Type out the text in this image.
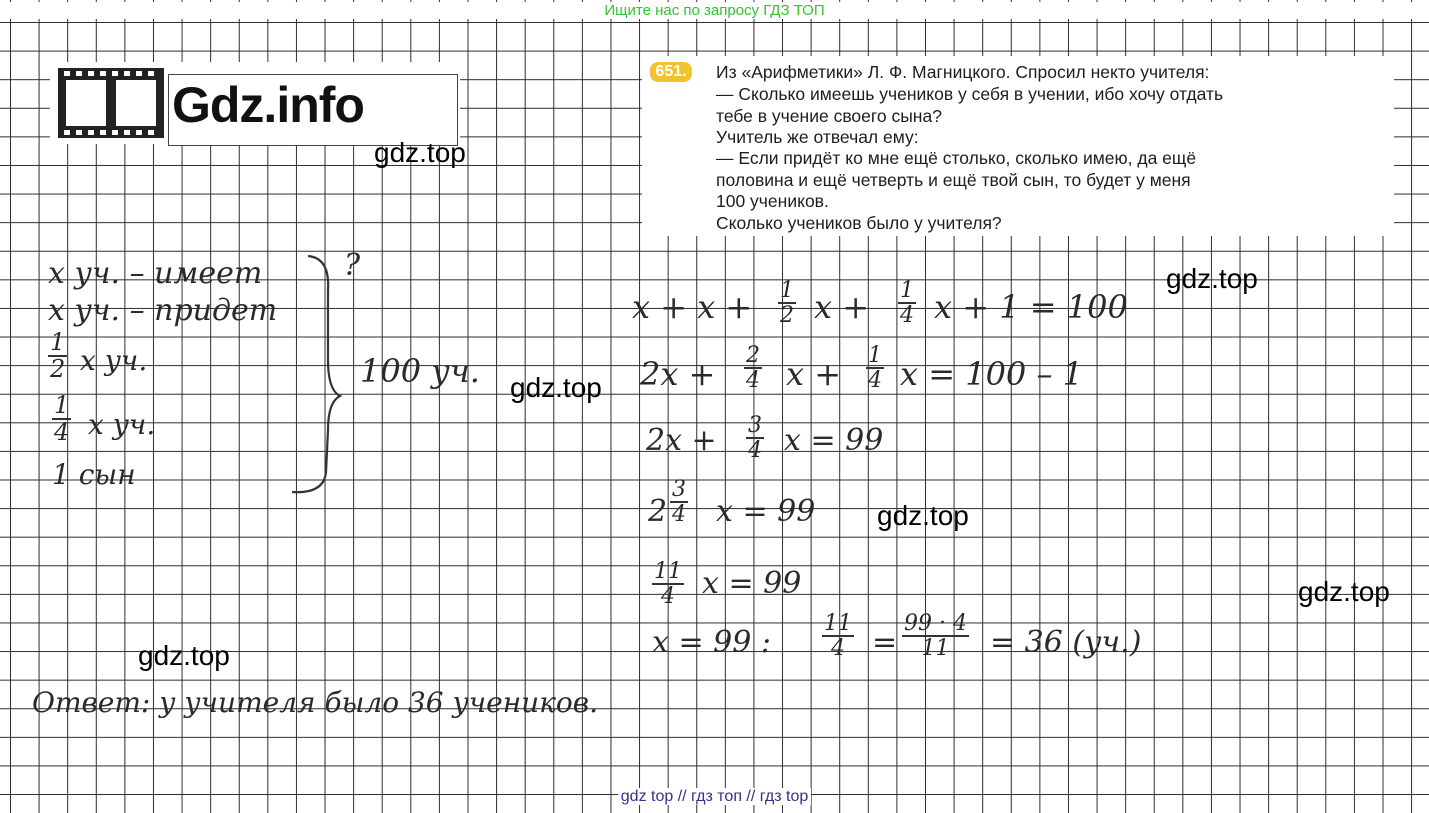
Ищите нас по запросу ГДЗ ТОП
Gdz.info
651.	Из «Арифметики» Л. Ф. Магницкого. Спросил некто учителя:
— Сколько имеешь учеников у себя в учении, ибо хочу отдать
тебе в учение своего сына?
Учитель же отвечал ему:
— Если придёт ко мне ещё столько, сколько имею, да ещё
половина и ещё четверть и ещё твой сын, то будет у меня
100 учеников.
Сколько учеников было у учителя?
gdz.top
gdz.top
gdz.top
gdz.top
gdz.top
gdz.top
x уч. – имеет
x уч. – придет
$\frac{1}{2}$ x уч.
$\frac{1}{4}$ x уч.
1 сын
?
100 уч.
$x + x + \frac{1}{2}$ $x + \frac{1}{4}$ x + 1 = 100
$2x + \frac{2}{4}$ $x + \frac{1}{4}$ x = 100 – 1
$2x + \frac{3}{4}$ x = 99
$2 \frac{3}{4}$ x = 99
$\frac{11}{4}$ x = 99
x = 99 : $\frac{11}{4} = \frac{99 \cdot 4}{11} = 36$ (уч.)
Ответ: у учителя было 36 учеников.
gdz top // гдз топ // гдз top
